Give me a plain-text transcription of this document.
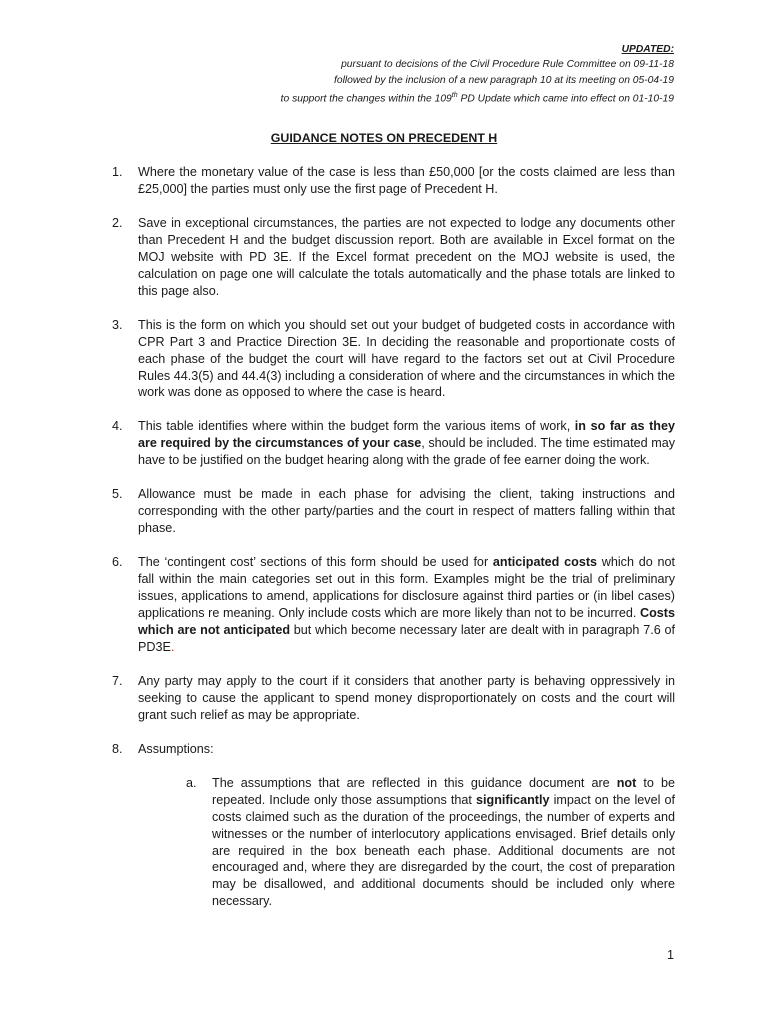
UPDATED:
pursuant to decisions of the Civil Procedure Rule Committee on 09-11-18
followed by the inclusion of a new paragraph 10 at its meeting on 05-04-19
to support the changes within the 109th PD Update which came into effect on 01-10-19
GUIDANCE NOTES ON PRECEDENT H
1. Where the monetary value of the case is less than £50,000 [or the costs claimed are less than £25,000] the parties must only use the first page of Precedent H.
2. Save in exceptional circumstances, the parties are not expected to lodge any documents other than Precedent H and the budget discussion report. Both are available in Excel format on the MOJ website with PD 3E. If the Excel format precedent on the MOJ website is used, the calculation on page one will calculate the totals automatically and the phase totals are linked to this page also.
3. This is the form on which you should set out your budget of budgeted costs in accordance with CPR Part 3 and Practice Direction 3E. In deciding the reasonable and proportionate costs of each phase of the budget the court will have regard to the factors set out at Civil Procedure Rules 44.3(5) and 44.4(3) including a consideration of where and the circumstances in which the work was done as opposed to where the case is heard.
4. This table identifies where within the budget form the various items of work, in so far as they are required by the circumstances of your case, should be included. The time estimated may have to be justified on the budget hearing along with the grade of fee earner doing the work.
5. Allowance must be made in each phase for advising the client, taking instructions and corresponding with the other party/parties and the court in respect of matters falling within that phase.
6. The ‘contingent cost’ sections of this form should be used for anticipated costs which do not fall within the main categories set out in this form. Examples might be the trial of preliminary issues, applications to amend, applications for disclosure against third parties or (in libel cases) applications re meaning. Only include costs which are more likely than not to be incurred. Costs which are not anticipated but which become necessary later are dealt with in paragraph 7.6 of PD3E.
7. Any party may apply to the court if it considers that another party is behaving oppressively in seeking to cause the applicant to spend money disproportionately on costs and the court will grant such relief as may be appropriate.
8. Assumptions:
a. The assumptions that are reflected in this guidance document are not to be repeated. Include only those assumptions that significantly impact on the level of costs claimed such as the duration of the proceedings, the number of experts and witnesses or the number of interlocutory applications envisaged. Brief details only are required in the box beneath each phase. Additional documents are not encouraged and, where they are disregarded by the court, the cost of preparation may be disallowed, and additional documents should be included only where necessary.
1
